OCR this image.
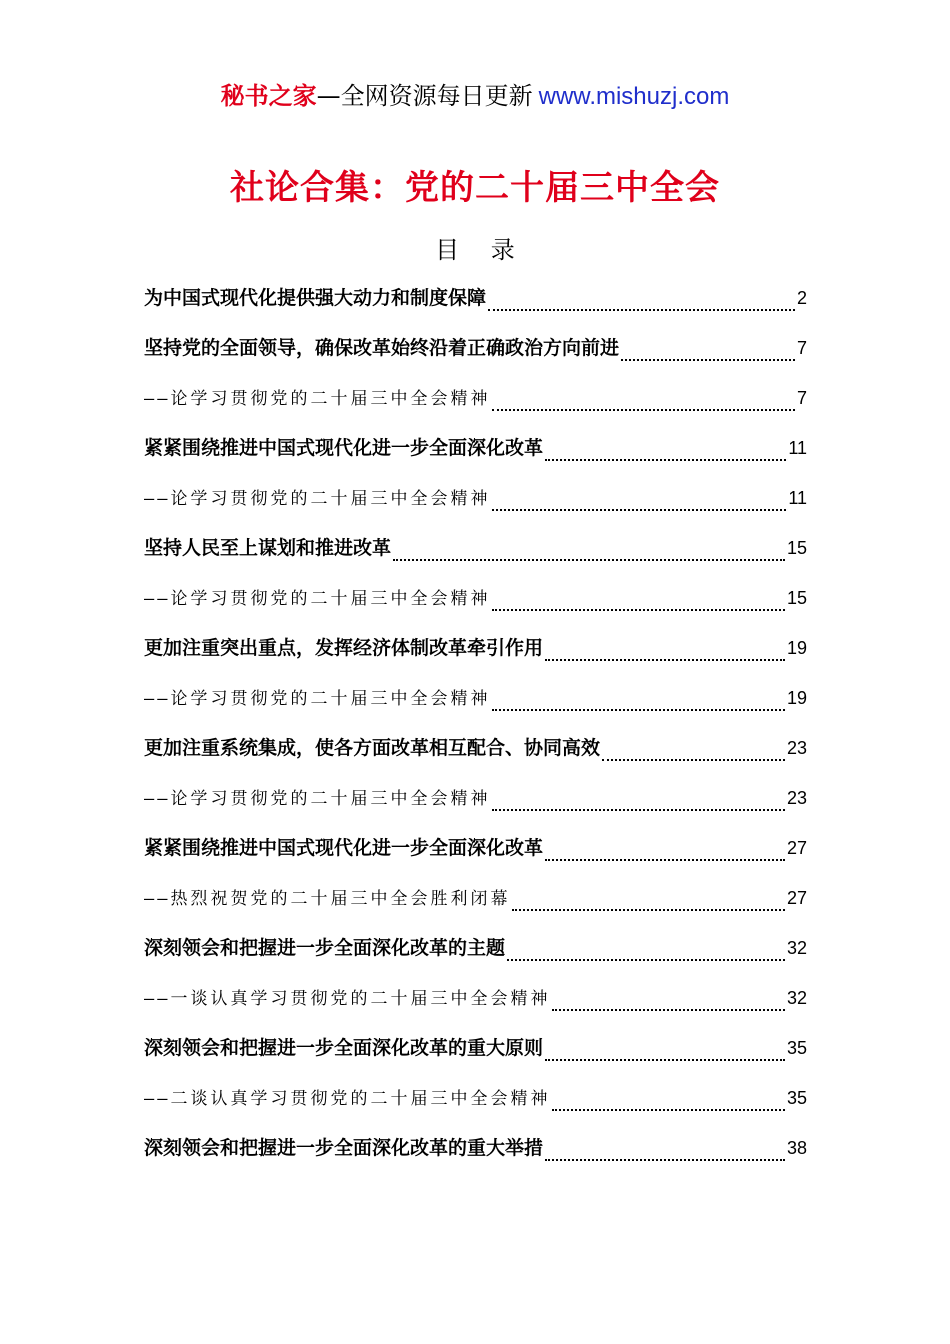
秘书之家—全网资源每日更新 www.mishuzj.com
社论合集：党的二十届三中全会
目 录
为中国式现代化提供强大动力和制度保障	2
坚持党的全面领导，确保改革始终沿着正确政治方向前进	7
——论学习贯彻党的二十届三中全会精神	7
紧紧围绕推进中国式现代化进一步全面深化改革	11
——论学习贯彻党的二十届三中全会精神	11
坚持人民至上谋划和推进改革	15
——论学习贯彻党的二十届三中全会精神	15
更加注重突出重点，发挥经济体制改革牵引作用	19
——论学习贯彻党的二十届三中全会精神	19
更加注重系统集成，使各方面改革相互配合、协同高效	23
——论学习贯彻党的二十届三中全会精神	23
紧紧围绕推进中国式现代化进一步全面深化改革	27
——热烈祝贺党的二十届三中全会胜利闭幕	27
深刻领会和把握进一步全面深化改革的主题	32
——一谈认真学习贯彻党的二十届三中全会精神	32
深刻领会和把握进一步全面深化改革的重大原则	35
——二谈认真学习贯彻党的二十届三中全会精神	35
深刻领会和把握进一步全面深化改革的重大举措	38
